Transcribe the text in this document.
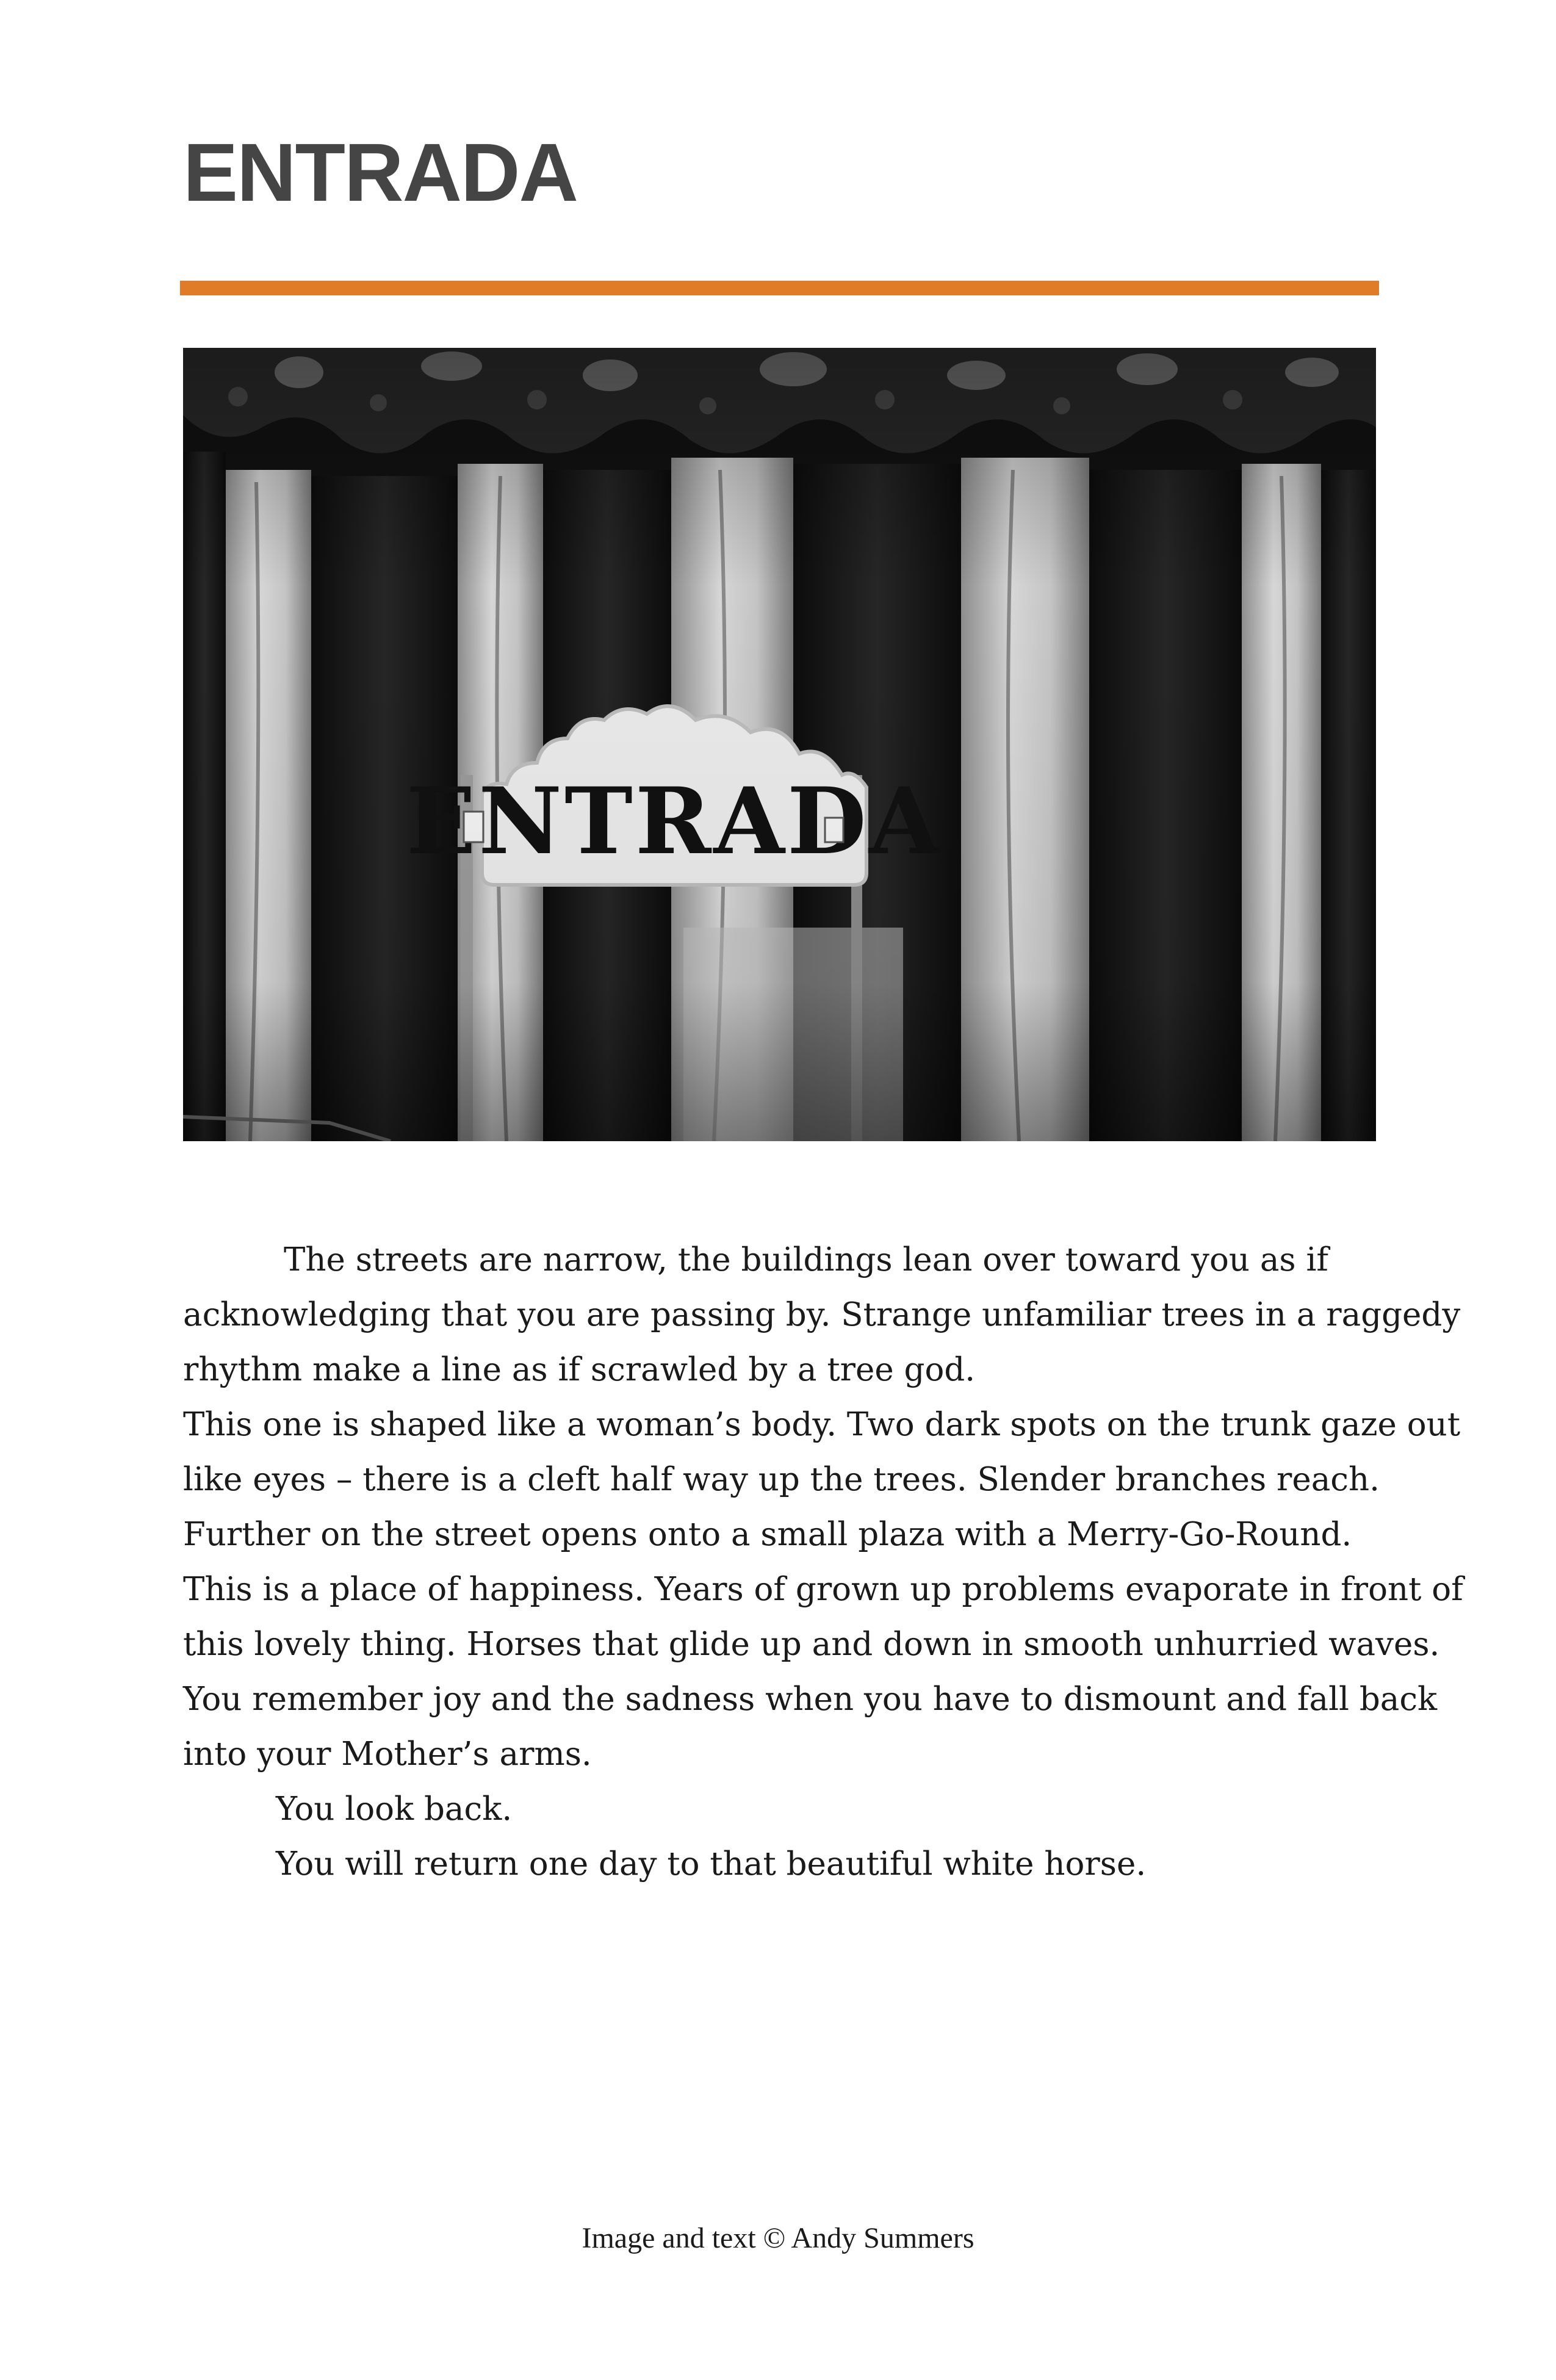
ENTRADA
The streets are narrow, the buildings lean over toward you as if
acknowledging that you are passing by. Strange unfamiliar trees in a raggedy
rhythm make a line as if scrawled by a tree god.
This one is shaped like a woman’s body. Two dark spots on the trunk gaze out
like eyes – there is a cleft half way up the trees. Slender branches reach.
Further on the street opens onto a small plaza with a Merry-Go-Round.
This is a place of happiness. Years of grown up problems evaporate in front of
this lovely thing. Horses that glide up and down in smooth unhurried waves.
You remember joy and the sadness when you have to dismount and fall back
into your Mother’s arms.
You look back.
You will return one day to that beautiful white horse.
Image and text © Andy Summers
